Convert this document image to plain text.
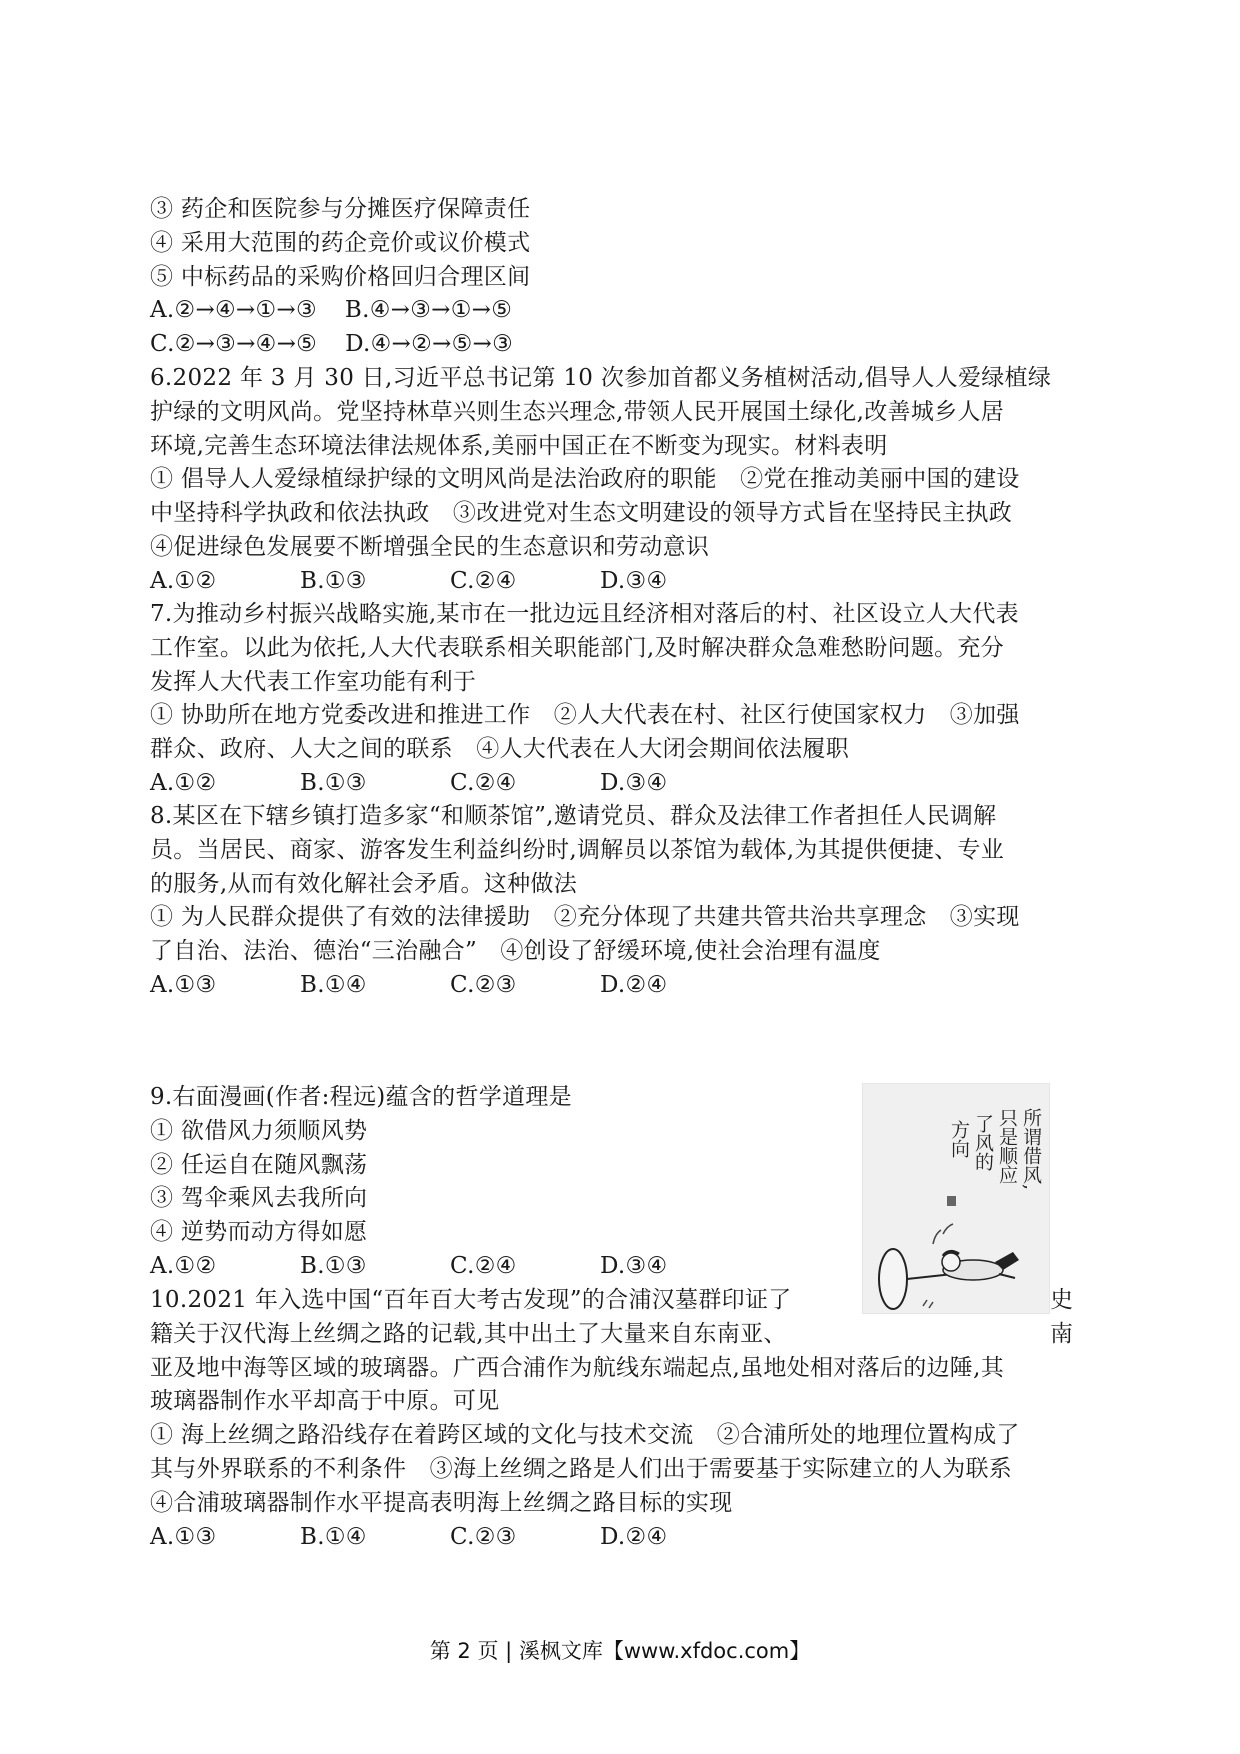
③ 药企和医院参与分摊医疗保障责任
④ 采用大范围的药企竞价或议价模式
⑤ 中标药品的采购价格回归合理区间
A.②→④→①→③ B.④→③→①→⑤
C.②→③→④→⑤ D.④→②→⑤→③
6.2022 年 3 月 30 日,习近平总书记第 10 次参加首都义务植树活动,倡导人人爱绿植绿
护绿的文明风尚。党坚持林草兴则生态兴理念,带领人民开展国土绿化,改善城乡人居
环境,完善生态环境法律法规体系,美丽中国正在不断变为现实。材料表明
① 倡导人人爱绿植绿护绿的文明风尚是法治政府的职能　②党在推动美丽中国的建设
中坚持科学执政和依法执政　③改进党对生态文明建设的领导方式旨在坚持民主执政
④促进绿色发展要不断增强全民的生态意识和劳动意识
A.①②	B.①③	C.②④	D.③④
7.为推动乡村振兴战略实施,某市在一批边远且经济相对落后的村、社区设立人大代表
工作室。以此为依托,人大代表联系相关职能部门,及时解决群众急难愁盼问题。充分
发挥人大代表工作室功能有利于
① 协助所在地方党委改进和推进工作　②人大代表在村、社区行使国家权力　③加强
群众、政府、人大之间的联系　④人大代表在人大闭会期间依法履职
A.①②	B.①③	C.②④	D.③④
8.某区在下辖乡镇打造多家“和顺茶馆”,邀请党员、群众及法律工作者担任人民调解
员。当居民、商家、游客发生利益纠纷时,调解员以茶馆为载体,为其提供便捷、专业
的服务,从而有效化解社会矛盾。这种做法
① 为人民群众提供了有效的法律援助　②充分体现了共建共管共治共享理念　③实现
了自治、法治、德治“三治融合”　④创设了舒缓环境,使社会治理有温度
A.①③	B.①④	C.②③	D.②④
9.右面漫画(作者:程远)蕴含的哲学道理是
① 欲借风力须顺风势
② 任运自在随风飘荡
③ 驾伞乘风去我所向
④ 逆势而动方得如愿
A.①②	B.①③	C.②④	D.③④
10.2021 年入选中国“百年百大考古发现”的合浦汉墓群印证了	史
籍关于汉代海上丝绸之路的记载,其中出土了大量来自东南亚、	南
亚及地中海等区域的玻璃器。广西合浦作为航线东端起点,虽地处相对落后的边陲,其
玻璃器制作水平却高于中原。可见
① 海上丝绸之路沿线存在着跨区域的文化与技术交流　②合浦所处的地理位置构成了
其与外界联系的不利条件　③海上丝绸之路是人们出于需要基于实际建立的人为联系
④合浦玻璃器制作水平提高表明海上丝绸之路目标的实现
A.①③	B.①④	C.②③	D.②④
所谓借风,
只是顺应
了风的
方向
第 2 页 | 溪枫文库【www.xfdoc.com】
